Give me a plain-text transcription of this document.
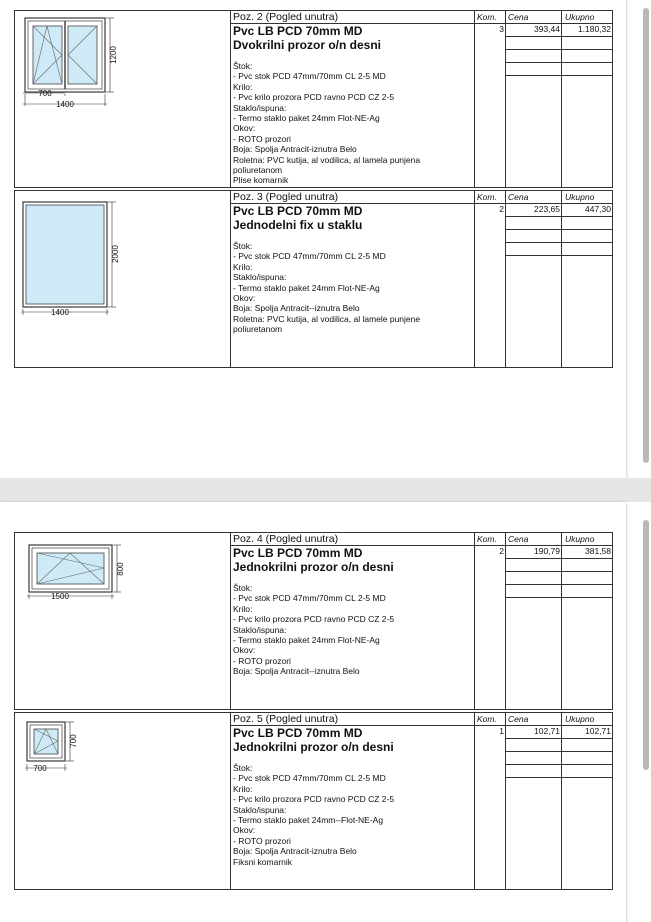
1200
700
1400
Poz. 2 (Pogled unutra)
Pvc LB PCD 70mm MD
Dvokrilni prozor o/n desni
Štok:
- Pvc stok PCD 47mm/70mm CL 2-5 MD
Krilo:
- Pvc krilo prozora PCD ravno PCD CZ 2-5
Staklo/ispuna:
- Termo staklo paket 24mm Flot-NE-Ag
Okov:
- ROTO prozori
Boja: Spolja Antracit-iznutra Belo
Roletna: PVC kutija, al vodilica, al lamela punjena
poliuretanom
Plise komarnik
Kom. Cena	Ukupno
3	393,44	1.180,32
2000
1400
Poz. 3 (Pogled unutra)
Pvc LB PCD 70mm MD
Jednodelni fix u staklu
Štok:
- Pvc stok PCD 47mm/70mm CL 2-5 MD
Krilo:
Staklo/ispuna:
- Termo staklo paket 24mm Flot-NE-Ag
Okov:
Boja: Spolja Antracit--iznutra Belo
Roletna: PVC kutija, al vodilica, al lamele punjene
poliuretanom
Kom. Cena	Ukupno
2	223,65	447,30
800
1500
Poz. 4 (Pogled unutra)
Pvc LB PCD 70mm MD
Jednokrilni prozor o/n desni
Štok:
- Pvc stok PCD 47mm/70mm CL 2-5 MD
Krilo:
- Pvc krilo prozora PCD ravno PCD CZ 2-5
Staklo/ispuna:
- Termo staklo paket 24mm Flot-NE-Ag
Okov:
- ROTO prozori
Boja: Spolja Antracit--iznutra Belo
Kom. Cena	Ukupno
2	190,79	381,58
700
700
Poz. 5 (Pogled unutra)
Pvc LB PCD 70mm MD
Jednokrilni prozor o/n desni
Štok:
- Pvc stok PCD 47mm/70mm CL 2-5 MD
Krilo:
- Pvc krilo prozora PCD ravno PCD CZ 2-5
Staklo/ispuna:
- Termo staklo paket 24mm--Flot-NE-Ag
Okov:
- ROTO prozori
Boja: Spolja Antracit-iznutra Belo
Fiksni komarnik
Kom. Cena	Ukupno
1	102,71	102,71
